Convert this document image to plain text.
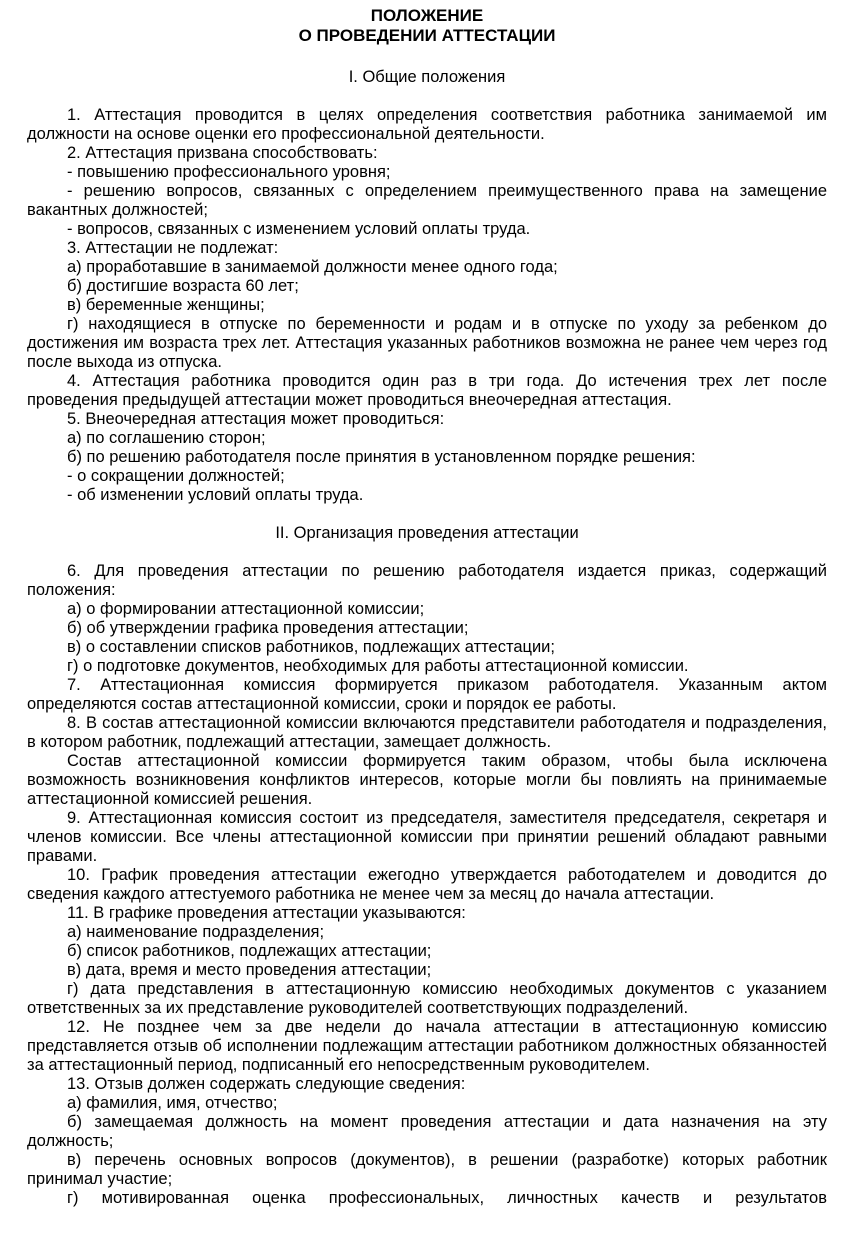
ПОЛОЖЕНИЕ
О ПРОВЕДЕНИИ АТТЕСТАЦИИ
I. Общие положения

1. Аттестация проводится в целях определения соответствия работника занимаемой им должности на основе оценки его профессиональной деятельности.

2. Аттестация призвана способствовать:

- повышению профессионального уровня;

- решению вопросов, связанных с определением преимущественного права на замещение вакантных должностей;

- вопросов, связанных с изменением условий оплаты труда.

3. Аттестации не подлежат:

а) проработавшие в занимаемой должности менее одного года;

б) достигшие возраста 60 лет;

в) беременные женщины;

г) находящиеся в отпуске по беременности и родам и в отпуске по уходу за ребенком до достижения им возраста трех лет. Аттестация указанных работников возможна не ранее чем через год после выхода из отпуска.

4. Аттестация работника проводится один раз в три года. До истечения трех лет после проведения предыдущей аттестации может проводиться внеочередная аттестация.

5. Внеочередная аттестация может проводиться:

а) по соглашению сторон;

б) по решению работодателя после принятия в установленном порядке решения:

- о сокращении должностей;

- об изменении условий оплаты труда.

II. Организация проведения аттестации

6. Для проведения аттестации по решению работодателя издается приказ, содержащий положения:

а) о формировании аттестационной комиссии;

б) об утверждении графика проведения аттестации;

в) о составлении списков работников, подлежащих аттестации;

г) о подготовке документов, необходимых для работы аттестационной комиссии.

7. Аттестационная комиссия формируется приказом работодателя. Указанным актом определяются состав аттестационной комиссии, сроки и порядок ее работы.

8. В состав аттестационной комиссии включаются представители работодателя и подразделения, в котором работник, подлежащий аттестации, замещает должность.

Состав аттестационной комиссии формируется таким образом, чтобы была исключена возможность возникновения конфликтов интересов, которые могли бы повлиять на принимаемые аттестационной комиссией решения.

9. Аттестационная комиссия состоит из председателя, заместителя председателя, секретаря и членов комиссии. Все члены аттестационной комиссии при принятии решений обладают равными правами.

10. График проведения аттестации ежегодно утверждается работодателем и доводится до сведения каждого аттестуемого работника не менее чем за месяц до начала аттестации.

11. В графике проведения аттестации указываются:

а) наименование подразделения;

б) список работников, подлежащих аттестации;

в) дата, время и место проведения аттестации;

г) дата представления в аттестационную комиссию необходимых документов с указанием ответственных за их представление руководителей соответствующих подразделений.

12. Не позднее чем за две недели до начала аттестации в аттестационную комиссию представляется отзыв об исполнении подлежащим аттестации работником должностных обязанностей за аттестационный период, подписанный его непосредственным руководителем.

13. Отзыв должен содержать следующие сведения:

а) фамилия, имя, отчество;

б) замещаемая должность на момент проведения аттестации и дата назначения на эту должность;

в) перечень основных вопросов (документов), в решении (разработке) которых работник принимал участие;

г) мотивированная оценка профессиональных, личностных качеств и результатов
